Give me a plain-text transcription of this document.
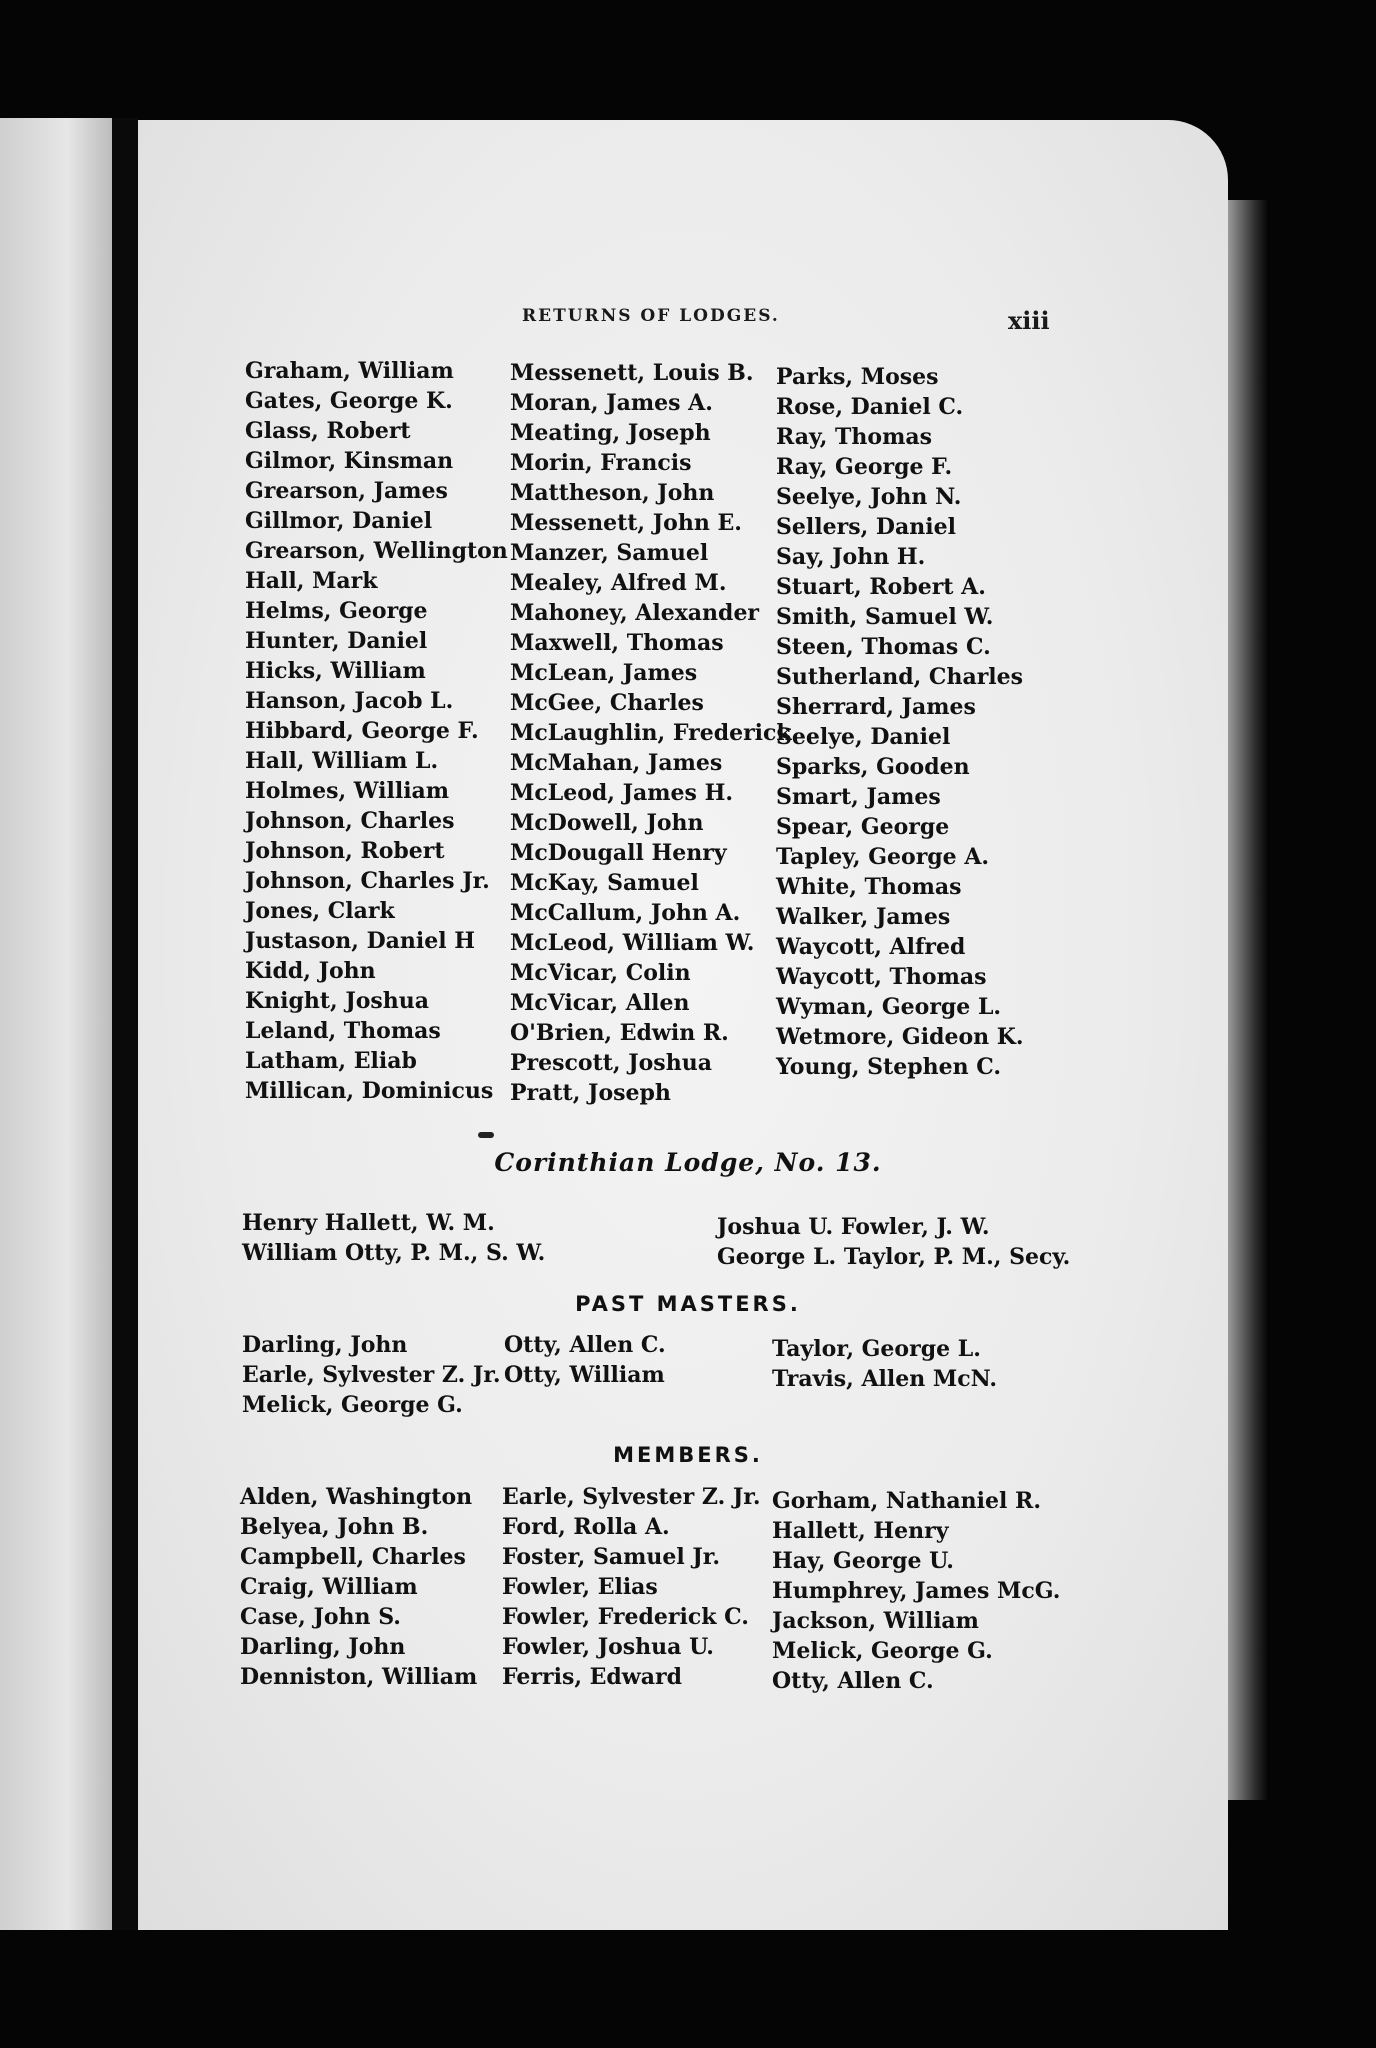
RETURNS OF LODGES.	xiii
Graham, William
Gates, George K.
Glass, Robert
Gilmor, Kinsman
Grearson, James
Gillmor, Daniel
Grearson, Wellington
Hall, Mark
Helms, George
Hunter, Daniel
Hicks, William
Hanson, Jacob L.
Hibbard, George F.
Hall, William L.
Holmes, William
Johnson, Charles
Johnson, Robert
Johnson, Charles Jr.
Jones, Clark
Justason, Daniel H
Kidd, John
Knight, Joshua
Leland, Thomas
Latham, Eliab
Millican, Dominicus
Messenett, Louis B.
Moran, James A.
Meating, Joseph
Morin, Francis
Mattheson, John
Messenett, John E.
Manzer, Samuel
Mealey, Alfred M.
Mahoney, Alexander
Maxwell, Thomas
McLean, James
McGee, Charles
McLaughlin, Frederick
McMahan, James
McLeod, James H.
McDowell, John
McDougall Henry
McKay, Samuel
McCallum, John A.
McLeod, William W.
McVicar, Colin
McVicar, Allen
O'Brien, Edwin R.
Prescott, Joshua
Pratt, Joseph
Parks, Moses
Rose, Daniel C.
Ray, Thomas
Ray, George F.
Seelye, John N.
Sellers, Daniel
Say, John H.
Stuart, Robert A.
Smith, Samuel W.
Steen, Thomas C.
Sutherland, Charles
Sherrard, James
Seelye, Daniel
Sparks, Gooden
Smart, James
Spear, George
Tapley, George A.
White, Thomas
Walker, James
Waycott, Alfred
Waycott, Thomas
Wyman, George L.
Wetmore, Gideon K.
Young, Stephen C.
Corinthian Lodge, No. 13.
Henry Hallett, W. M.
William Otty, P. M., S. W.
Joshua U. Fowler, J. W.
George L. Taylor, P. M., Secy.
PAST MASTERS.
Darling, John
Earle, Sylvester Z. Jr.
Melick, George G.
Otty, Allen C.
Otty, William
Taylor, George L.
Travis, Allen McN.
MEMBERS.
Alden, Washington
Belyea, John B.
Campbell, Charles
Craig, William
Case, John S.
Darling, John
Denniston, William
Earle, Sylvester Z. Jr.
Ford, Rolla A.
Foster, Samuel Jr.
Fowler, Elias
Fowler, Frederick C.
Fowler, Joshua U.
Ferris, Edward
Gorham, Nathaniel R.
Hallett, Henry
Hay, George U.
Humphrey, James McG.
Jackson, William
Melick, George G.
Otty, Allen C.
